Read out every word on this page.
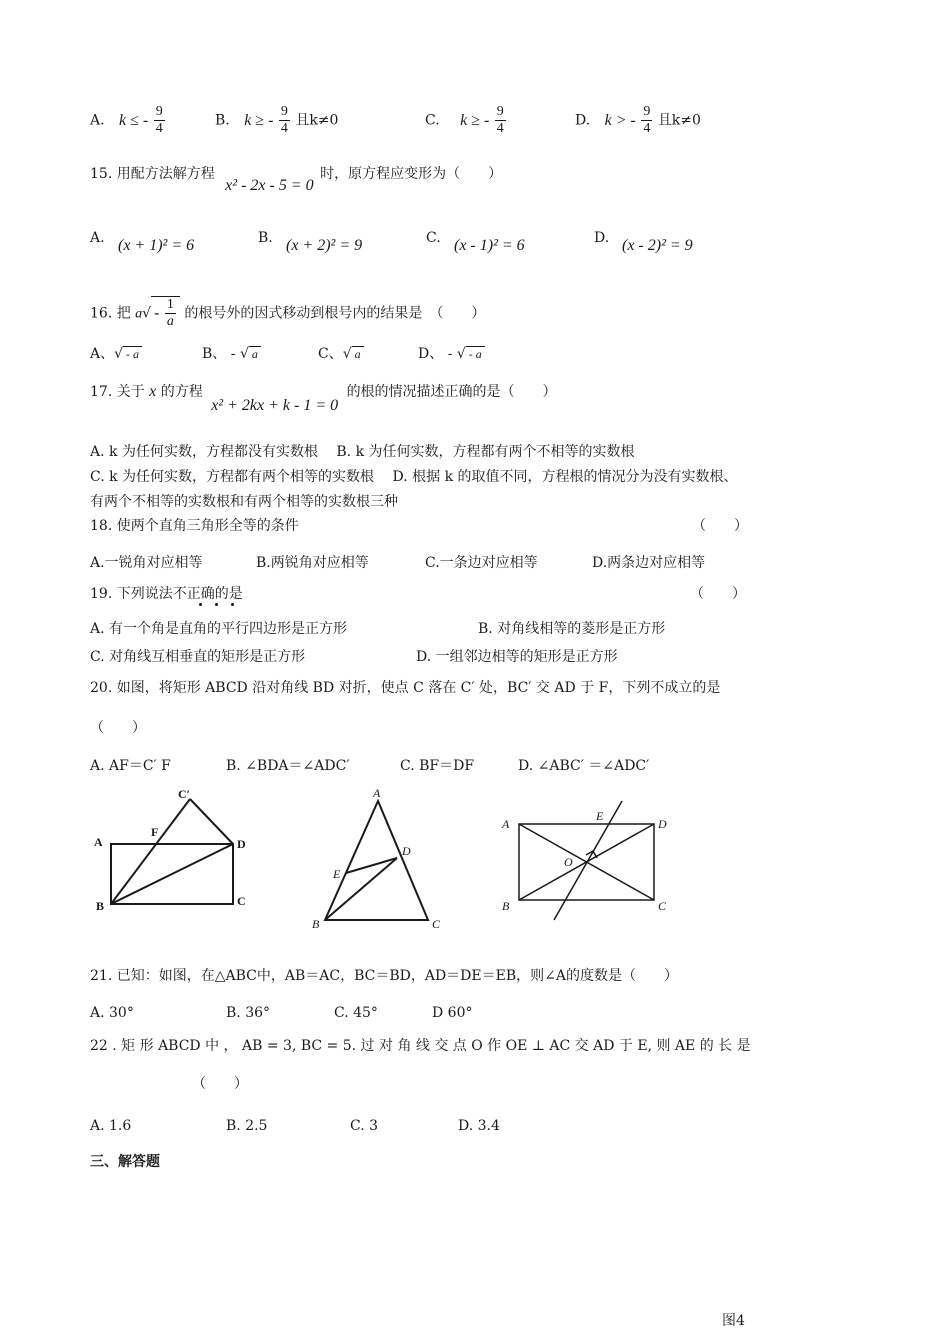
A. k ≤ - $\frac{9}{4}$	B. k ≥ - $\frac{9}{4}$ 且k≠0	C. k ≥ - $\frac{9}{4}$	D. k > - $\frac{9}{4}$ 且k≠0
15. 用配方法解方程 x² - 2x - 5 = 0 时，原方程应变形为（　　）
A. (x + 1)² = 6	B. (x + 2)² = 9	C. (x - 1)² = 6	D. (x - 2)² = 9
16. 把 $a√ - \frac{1}{a}$ 的根号外的因式移动到根号内的结果是　（　　）
A、√ - a	B、 - √ a	C、√ a	D、 - √ - a
17. 关于 x 的方程 x² + 2kx + k - 1 = 0 的根的情况描述正确的是（　　）
A. k 为任何实数，方程都没有实数根　 B. k 为任何实数，方程都有两个不相等的实数根
C. k 为任何实数，方程都有两个相等的实数根　 D. 根据 k 的取值不同，方程根的情况分为没有实数根、
有两个不相等的实数根和有两个相等的实数根三种
18. 使两个直角三角形全等的条件	（　　）
A.一锐角对应相等	B.两锐角对应相等	C.一条边对应相等	D.两条边对应相等
19. 下列说法不正确的是	（　　）
A. 有一个角是直角的平行四边形是正方形	B. 对角线相等的菱形是正方形
C. 对角线互相垂直的矩形是正方形	D. 一组邻边相等的矩形是正方形
20. 如图，将矩形 ABCD 沿对角线 BD 对折，使点 C 落在 C′ 处，BC′ 交 AD 于 F，下列不成立的是
（　　）
A. AF＝C′ F	B. ∠BDA＝∠ADC′	C. BF＝DF	D. ∠ABC′ ＝∠ADC′
A
B	C
D
F
C′	A
B	C
D
E
A
B	C
D
E
O
21. 已知：如图，在△ABC中，AB＝AC，BC＝BD，AD＝DE＝EB，则∠A的度数是（　　）
A. 30°	B. 36°	C. 45°	D 60°
22 . 矩 形 ABCD 中 ， AB = 3, BC = 5. 过 对 角 线 交 点 O 作 OE ⊥ AC 交 AD 于 E, 则 AE 的 长 是
（　　）
A. 1.6	B. 2.5	C. 3	D. 3.4
三、解答题
图4
